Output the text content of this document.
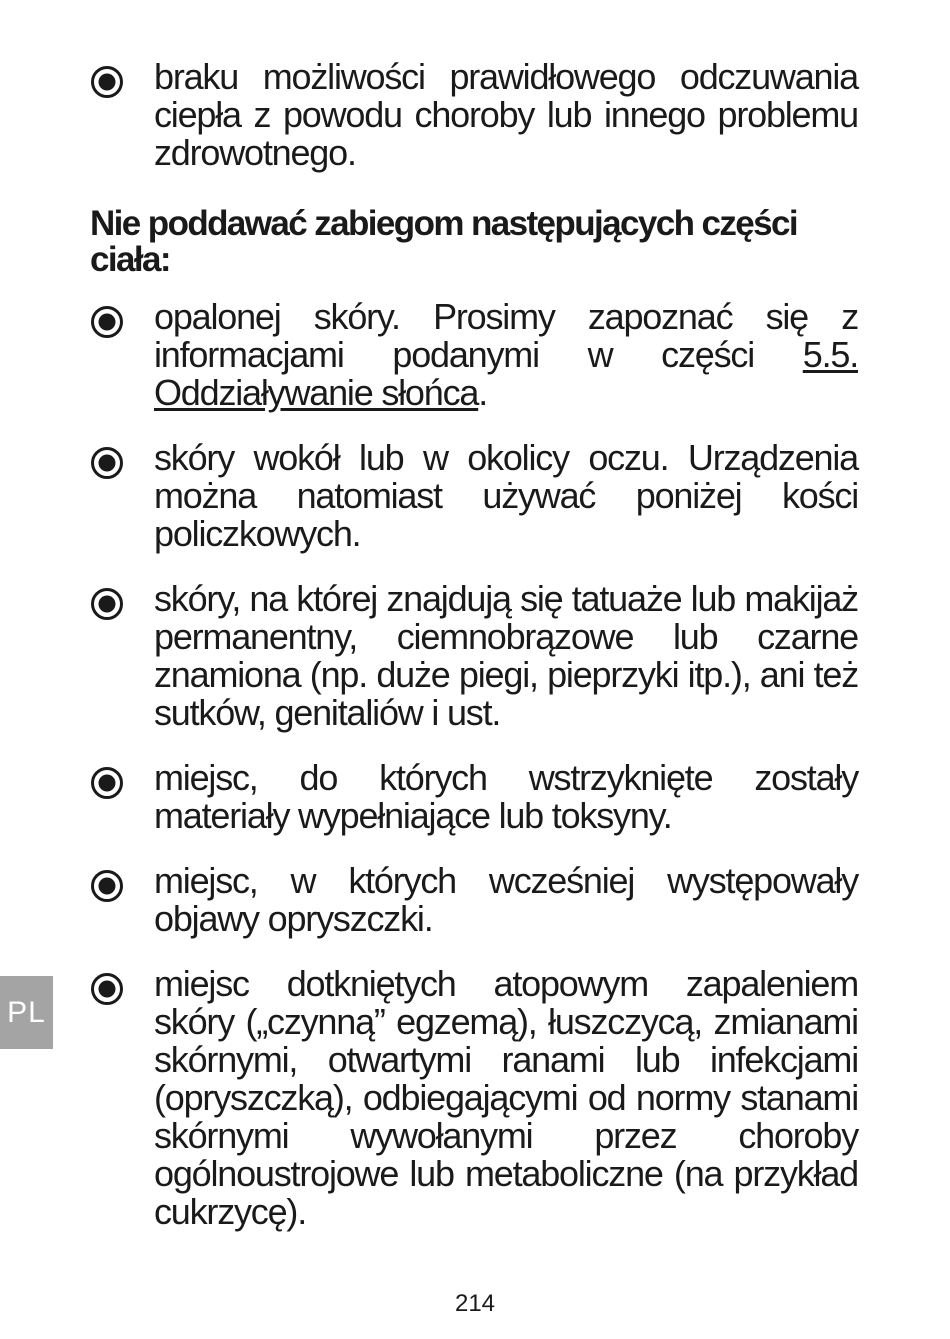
braku możliwości prawidłowego odczuwania ciepła z powodu choroby lub innego problemu zdrowotnego.
Nie poddawać zabiegom następujących części ciała:
opalonej skóry. Prosimy zapoznać się z informacjami podanymi w części 5.5. Oddziaływanie słońca.
skóry wokół lub w okolicy oczu. Urządzenia można natomiast używać poniżej kości policzkowych.
skóry, na której znajdują się tatuaże lub makijaż permanentny, ciemnobrązowe lub czarne znamiona (np. duże piegi, pieprzyki itp.), ani też sutków, genitaliów i ust.
miejsc, do których wstrzyknięte zostały materiały wypełniające lub toksyny.
miejsc, w których wcześniej występowały objawy opryszczki.
miejsc dotkniętych atopowym zapaleniem skóry („czynną” egzemą), łuszczycą, zmianami skórnymi, otwartymi ranami lub infekcjami (opryszczką), odbiegającymi od normy stanami skórnymi wywołanymi przez choroby ogólnoustrojowe lub metaboliczne (na przykład cukrzycę).
PL
214
